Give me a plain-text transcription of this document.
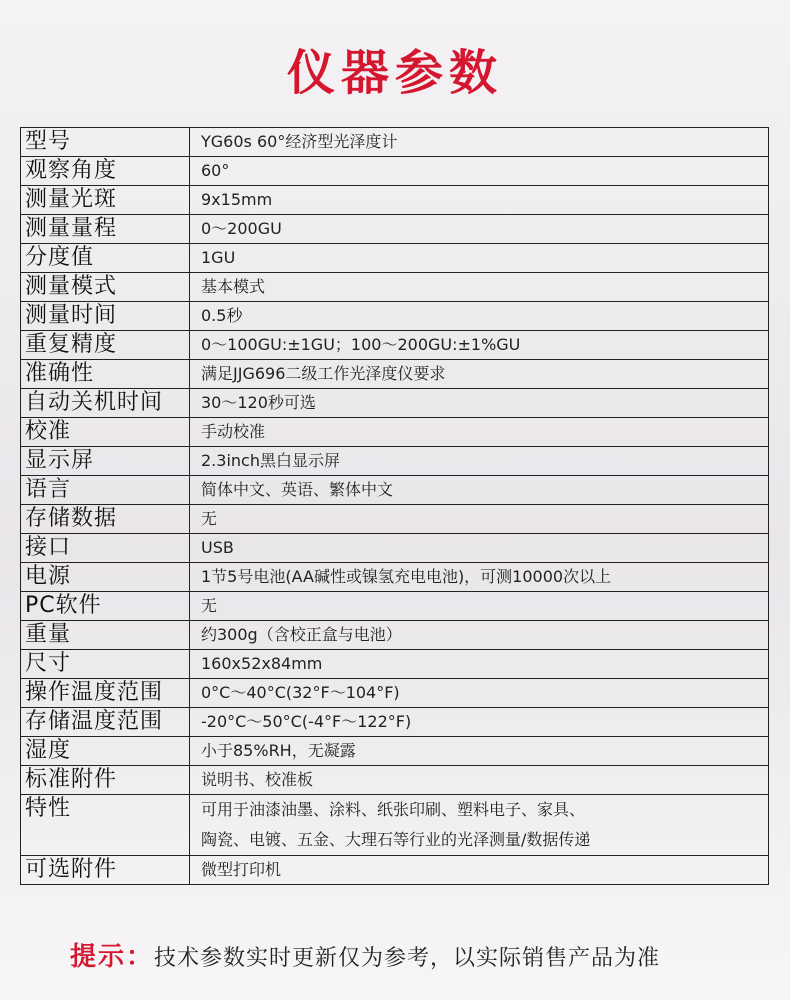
仪器参数
型号	YG60s 60°经济型光泽度计
观察角度	60°
测量光斑	9x15mm
测量量程	0～200GU
分度值	1GU
测量模式	基本模式
测量时间	0.5秒
重复精度	0～100GU:±1GU；100～200GU:±1%GU
准确性	满足JJG696二级工作光泽度仪要求
自动关机时间	30～120秒可选
校准	手动校准
显示屏	2.3inch黑白显示屏
语言	简体中文、英语、繁体中文
存储数据	无
接口	USB
电源	1节5号电池(AA碱性或镍氢充电电池)，可测10000次以上
PC软件	无
重量	约300g（含校正盒与电池）
尺寸	160x52x84mm
操作温度范围	0°C～40°C(32°F～104°F)
存储温度范围	-20°C～50°C(-4°F～122°F)
湿度	小于85%RH，无凝露
标准附件	说明书、校准板
特性	可用于油漆油墨、涂料、纸张印刷、塑料电子、家具、
陶瓷、电镀、五金、大理石等行业的光泽测量/数据传递

可选附件	微型打印机
提示：技术参数实时更新仅为参考，以实际销售产品为准
